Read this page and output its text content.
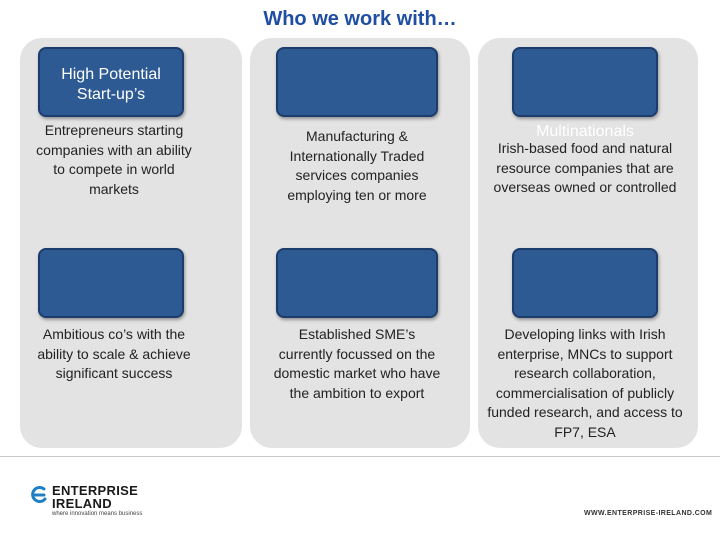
Who we work with…
High Potential Start-up’s
Entrepreneurs starting companies with an ability to compete in world markets
Ambitious co’s with the ability to scale & achieve significant success
Manufacturing & Internationally Traded services companies employing ten or more
Established SME’s currently focussed on the domestic market who have the ambition to export
Multinationals
Irish-based food and natural resource companies that are overseas owned or controlled
Developing links with Irish enterprise, MNCs to support research collaboration, commercialisation of publicly funded research, and access to FP7, ESA
ENTERPRISE
IRELAND
where innovation means business	WWW.ENTERPRISE-IRELAND.COM
